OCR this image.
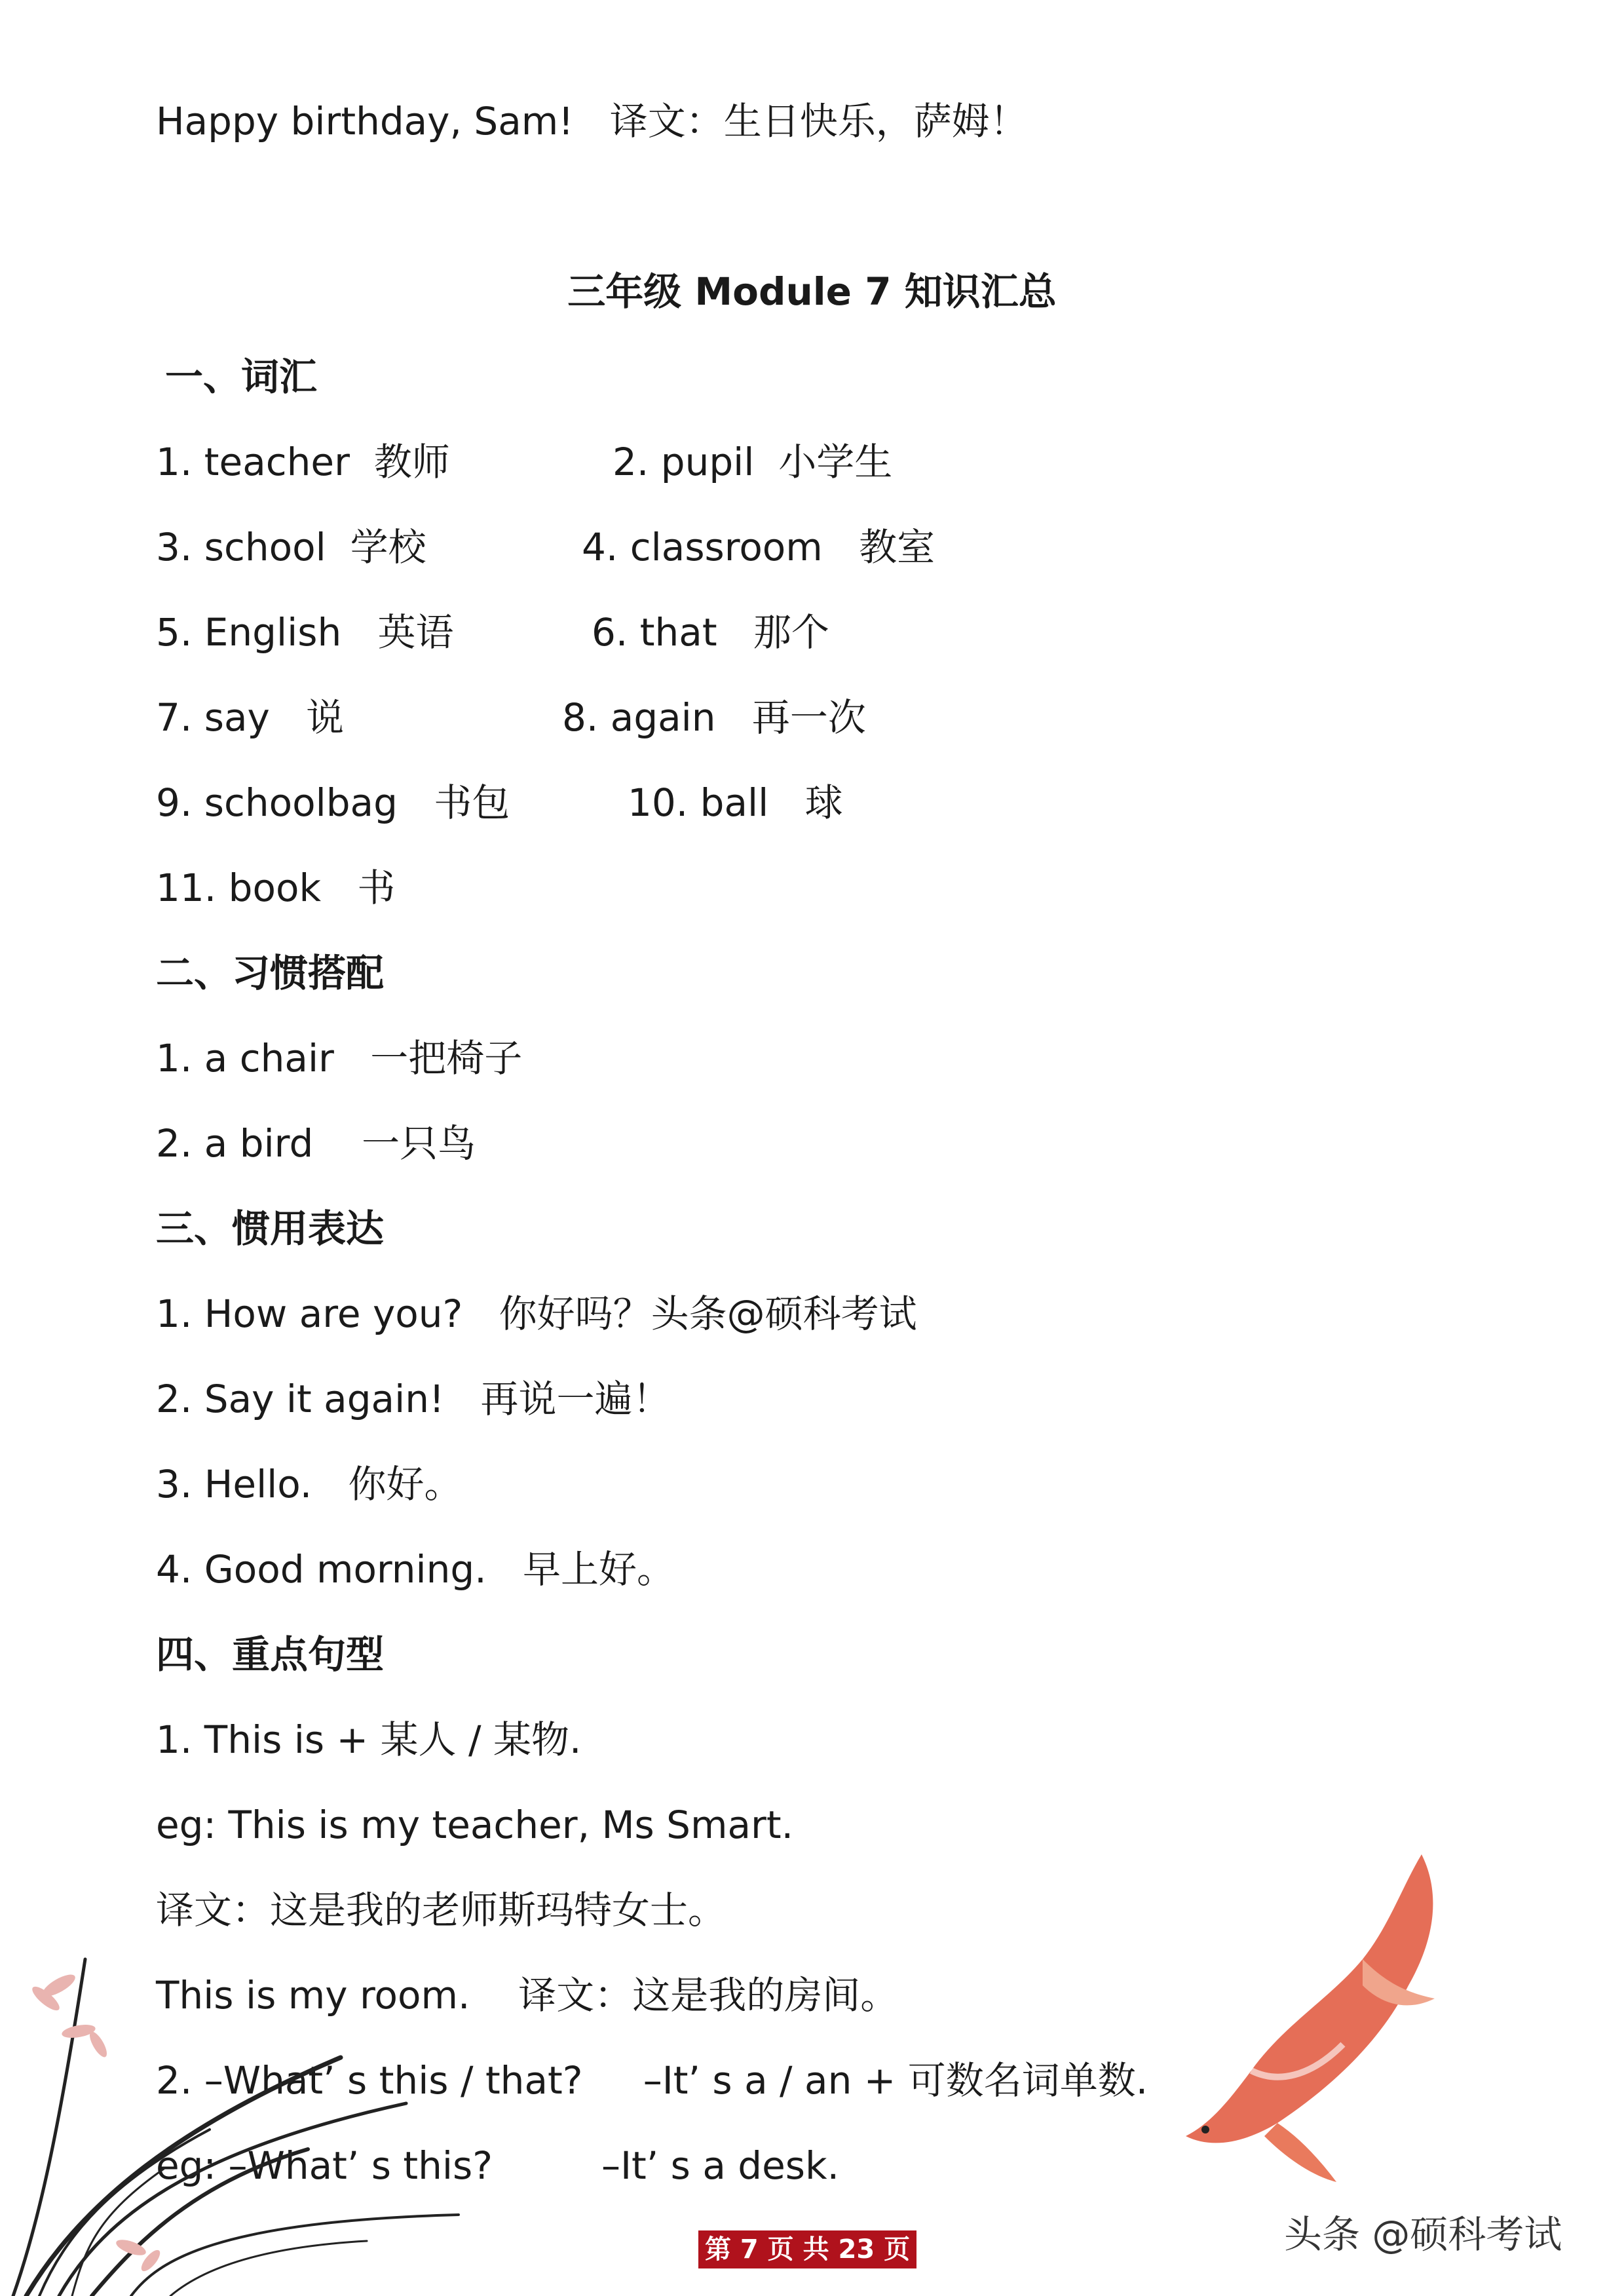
Happy birthday, Sam!   译文：生日快乐，萨姆！
三年级 Module 7 知识汇总
一、词汇
1. teacher  教师	2. pupil  小学生
3. school  学校	4. classroom   教室
5. English   英语	6. that   那个
7. say   说	8. again   再一次
9. schoolbag   书包	10. ball   球
11. book   书
二、习惯搭配
1. a chair   一把椅子
2. a bird    一只鸟
三、惯用表达
1. How are you?   你好吗？头条@硕科考试
2. Say it again!   再说一遍！
3. Hello.   你好。
4. Good morning.   早上好。
四、重点句型
1. This is + 某人 / 某物.
eg: This is my teacher, Ms Smart.
译文：这是我的老师斯玛特女士。
This is my room.    译文：这是我的房间。
2. –What’ s this / that?     –It’ s a / an + 可数名词单数.
eg: –What’ s this?         –It’ s a desk.
第 7 页 共 23 页	头条 @硕科考试
